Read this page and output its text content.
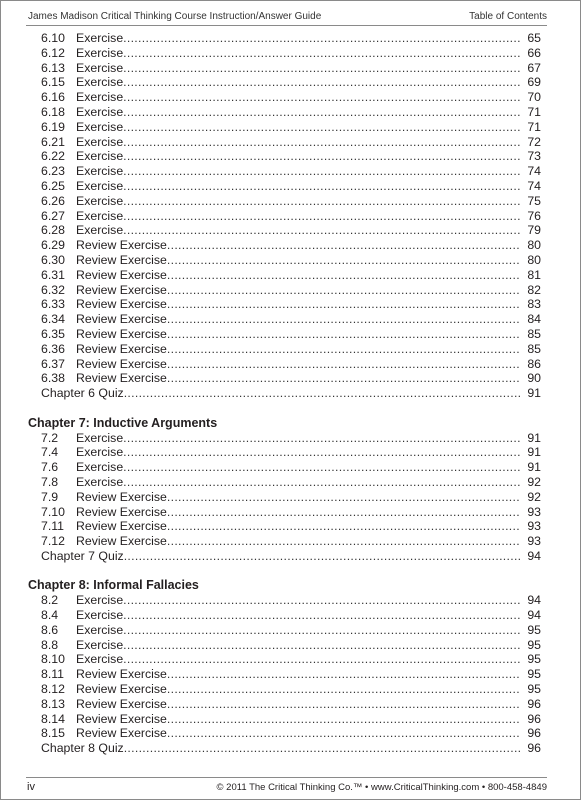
James Madison Critical Thinking Course Instruction/Answer Guide	Table of Contents
6.10 Exercise .....	65
6.12 Exercise .....	66
6.13 Exercise .....	67
6.15 Exercise .....	69
6.16 Exercise .....	70
6.18 Exercise .....	71
6.19 Exercise .....	71
6.21 Exercise .....	72
6.22 Exercise .....	73
6.23 Exercise .....	74
6.25 Exercise .....	74
6.26 Exercise .....	75
6.27 Exercise .....	76
6.28 Exercise .....	79
6.29 Review Exercise .....	80
6.30 Review Exercise .....	80
6.31 Review Exercise .....	81
6.32 Review Exercise .....	82
6.33 Review Exercise .....	83
6.34 Review Exercise .....	84
6.35 Review Exercise .....	85
6.36 Review Exercise .....	85
6.37 Review Exercise .....	86
6.38 Review Exercise .....	90
Chapter 6 Quiz .....	91
Chapter 7: Inductive Arguments
7.2 Exercise .....	91
7.4 Exercise .....	91
7.6 Exercise .....	91
7.8 Exercise .....	92
7.9 Review Exercise .....	92
7.10 Review Exercise .....	93
7.11 Review Exercise .....	93
7.12 Review Exercise .....	93
Chapter 7 Quiz .....	94
Chapter 8: Informal Fallacies
8.2 Exercise .....	94
8.4 Exercise .....	94
8.6 Exercise .....	95
8.8 Exercise .....	95
8.10 Exercise .....	95
8.11 Review Exercise .....	95
8.12 Review Exercise .....	95
8.13 Review Exercise .....	96
8.14 Review Exercise .....	96
8.15 Review Exercise .....	96
Chapter 8 Quiz .....	96
iv	© 2011 The Critical Thinking Co.™ • www.CriticalThinking.com • 800-458-4849
